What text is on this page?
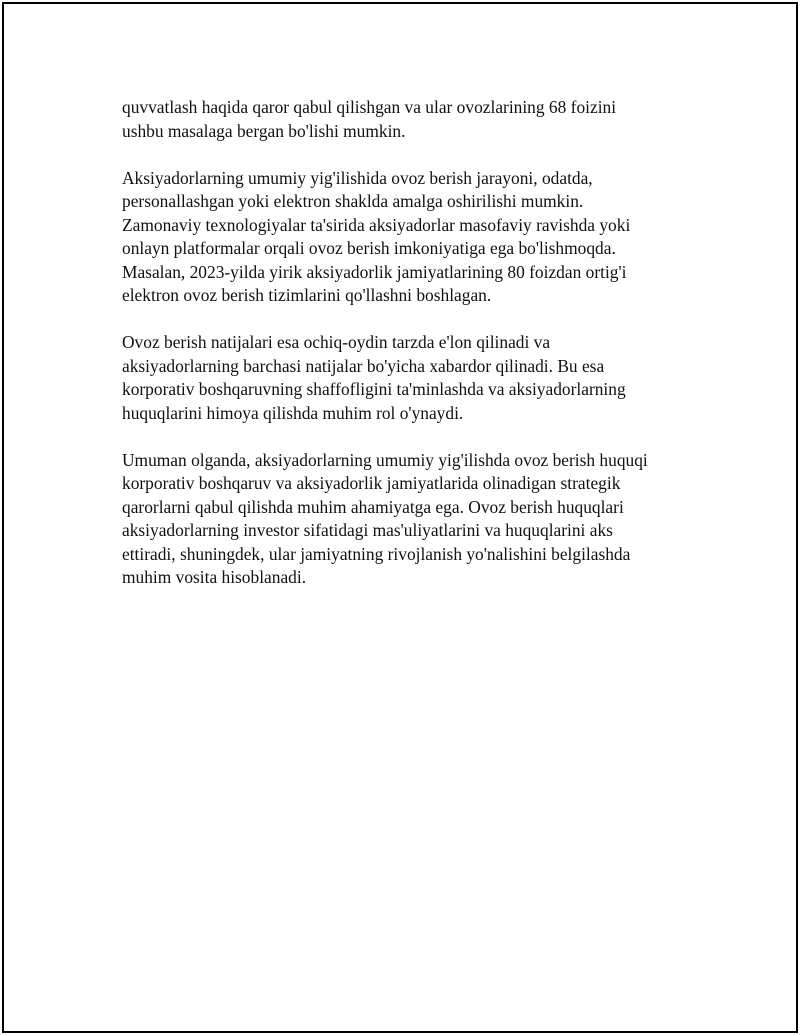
quvvatlash haqida qaror qabul qilishgan va ular ovozlarining 68 foizini
ushbu masalaga bergan bo'lishi mumkin.

Aksiyadorlarning umumiy yig'ilishida ovoz berish jarayoni, odatda,
personallashgan yoki elektron shaklda amalga oshirilishi mumkin.
Zamonaviy texnologiyalar ta'sirida aksiyadorlar masofaviy ravishda yoki
onlayn platformalar orqali ovoz berish imkoniyatiga ega bo'lishmoqda.
Masalan, 2023-yilda yirik aksiyadorlik jamiyatlarining 80 foizdan ortig'i
elektron ovoz berish tizimlarini qo'llashni boshlagan.

Ovoz berish natijalari esa ochiq-oydin tarzda e'lon qilinadi va
aksiyadorlarning barchasi natijalar bo'yicha xabardor qilinadi. Bu esa
korporativ boshqaruvning shaffofligini ta'minlashda va aksiyadorlarning
huquqlarini himoya qilishda muhim rol o'ynaydi.

Umuman olganda, aksiyadorlarning umumiy yig'ilishda ovoz berish huquqi
korporativ boshqaruv va aksiyadorlik jamiyatlarida olinadigan strategik
qarorlarni qabul qilishda muhim ahamiyatga ega. Ovoz berish huquqlari
aksiyadorlarning investor sifatidagi mas'uliyatlarini va huquqlarini aks
ettiradi, shuningdek, ular jamiyatning rivojlanish yo'nalishini belgilashda
muhim vosita hisoblanadi.
